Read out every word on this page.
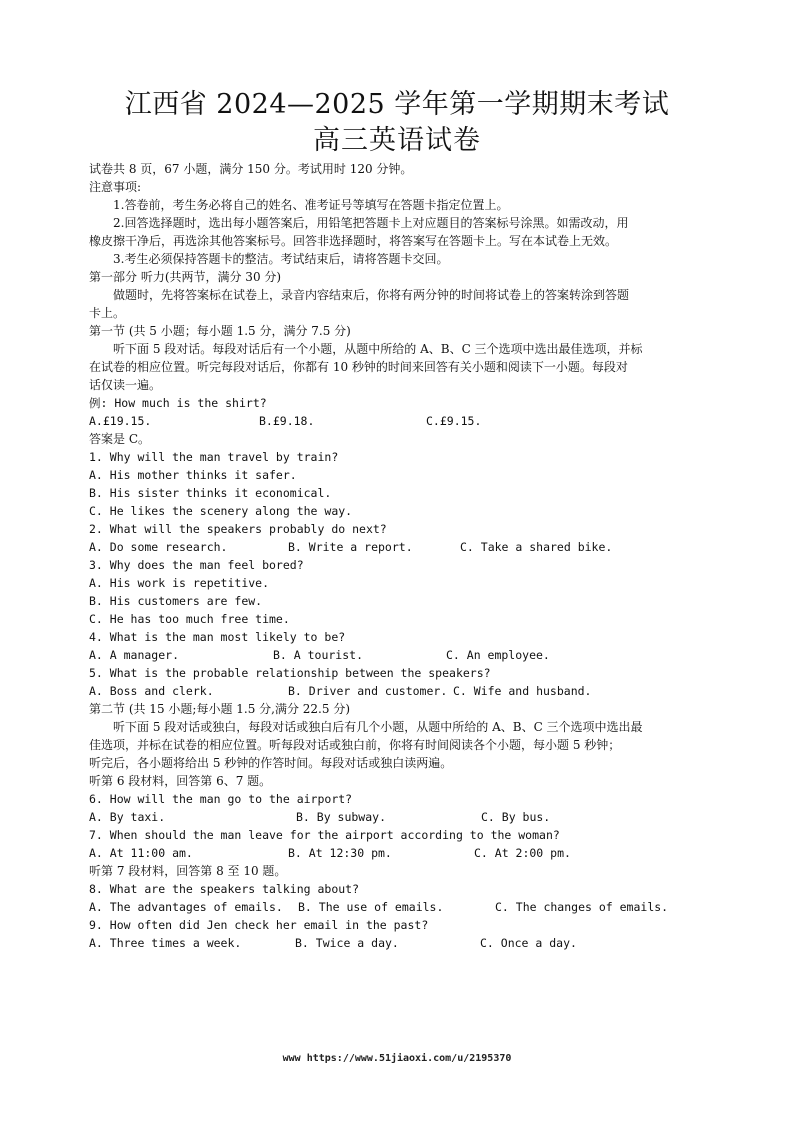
江西省 2024—2025 学年第一学期期末考试
高三英语试卷
试卷共 8 页，67 小题，满分 150 分。考试用时 120 分钟。
注意事项:
1.答卷前，考生务必将自己的姓名、准考证号等填写在答题卡指定位置上。
2.回答选择题时，选出每小题答案后，用铅笔把答题卡上对应题目的答案标号涂黑。如需改动，用
橡皮擦干净后，再选涂其他答案标号。回答非选择题时，将答案写在答题卡上。写在本试卷上无效。
3.考生必须保持答题卡的整洁。考试结束后，请将答题卡交回。
第一部分 听力(共两节，满分 30 分)
做题时，先将答案标在试卷上，录音内容结束后，你将有两分钟的时间将试卷上的答案转涂到答题
卡上。
第一节 (共 5 小题；每小题 1.5 分，满分 7.5 分)
听下面 5 段对话。每段对话后有一个小题，从题中所给的 A、B、C 三个选项中选出最佳选项，并标
在试卷的相应位置。听完每段对话后，你都有 10 秒钟的时间来回答有关小题和阅读下一小题。每段对
话仅读一遍。
例: How much is the shirt?
A.£19.15.	B.£9.18.	C.£9.15.
答案是 C。
1. Why will the man travel by train?
A. His mother thinks it safer.
B. His sister thinks it economical.
C. He likes the scenery along the way.
2. What will the speakers probably do next?
A. Do some research.	B. Write a report.	C. Take a shared bike.
3. Why does the man feel bored?
A. His work is repetitive.
B. His customers are few.
C. He has too much free time.
4. What is the man most likely to be?
A. A manager.	B. A tourist.	C. An employee.
5. What is the probable relationship between the speakers?
A. Boss and clerk.	B. Driver and customer. C. Wife and husband.
第二节 (共 15 小题;每小题 1.5 分,满分 22.5 分)
听下面 5 段对话或独白，每段对话或独白后有几个小题，从题中所给的 A、B、C 三个选项中选出最
佳选项，并标在试卷的相应位置。听每段对话或独白前，你将有时间阅读各个小题，每小题 5 秒钟；
听完后，各小题将给出 5 秒钟的作答时间。每段对话或独白读两遍。
听第 6 段材料，回答第 6、7 题。
6. How will the man go to the airport?
A. By taxi.	B. By subway.	C. By bus.
7. When should the man leave for the airport according to the woman?
A. At 11:00 am.	B. At 12:30 pm.	C. At 2:00 pm.
听第 7 段材料，回答第 8 至 10 题。
8. What are the speakers talking about?
A. The advantages of emails. B. The use of emails.	C. The changes of emails.
9. How often did Jen check her email in the past?
A. Three times a week.	B. Twice a day.	C. Once a day.
www https://www.51jiaoxi.com/u/2195370
